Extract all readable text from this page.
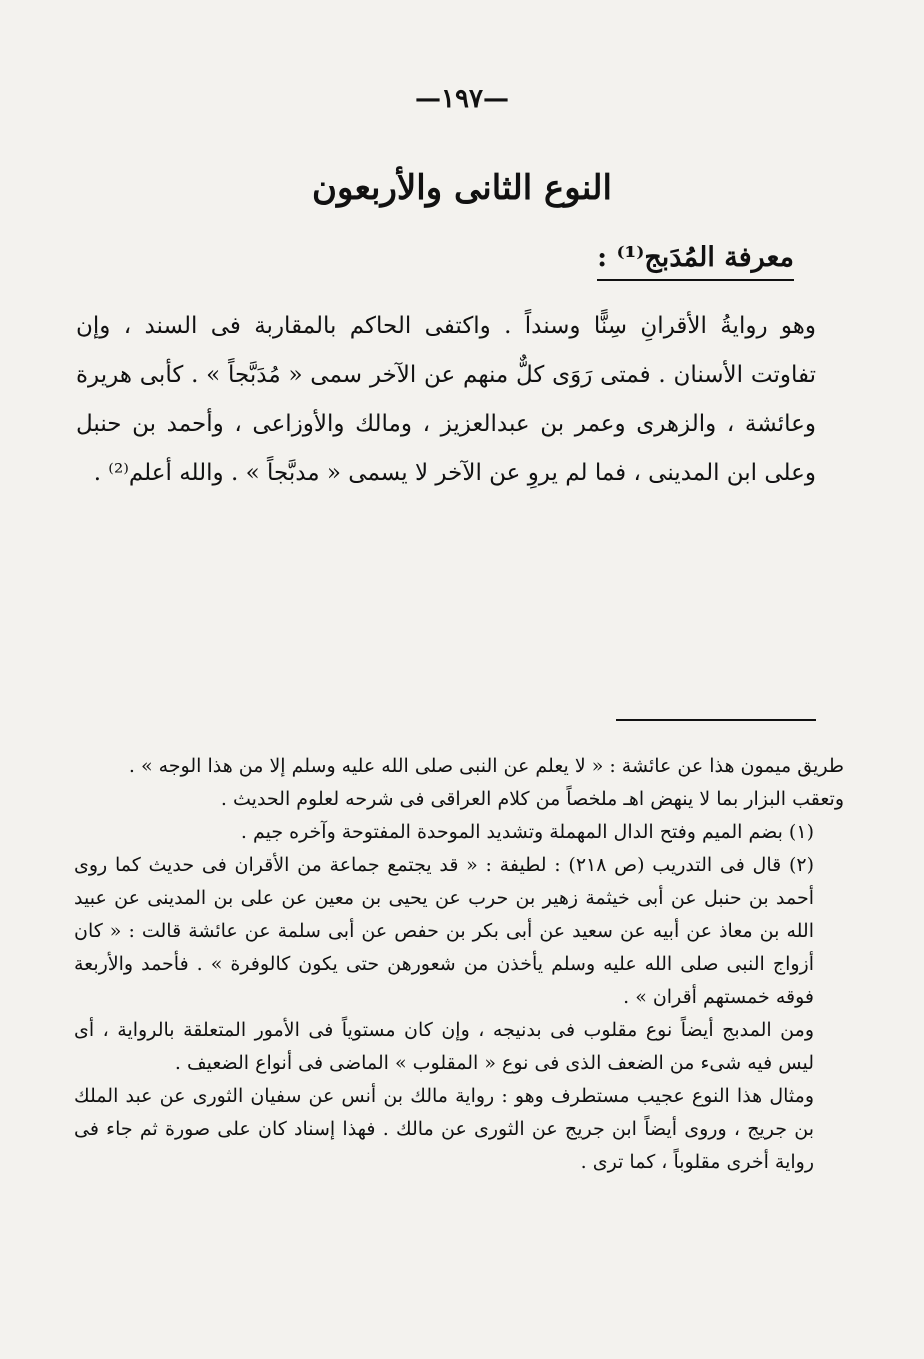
—١٩٧—
النوع الثانى والأربعون
معرفة المُدَبج⁽¹⁾ :
وهو روايةُ الأقرانِ سِنًّا وسنداً . واكتفى الحاكم بالمقاربة فى السند ، وإن تفاوتت الأسنان . فمتى رَوَى كلٌّ منهم عن الآخر سمى « مُدَبَّجاً » . كأبى هريرة وعائشة ، والزهرى وعمر بن عبدالعزيز ، ومالك والأوزاعى ، وأحمد بن حنبل وعلى ابن المدينى ، فما لم يروِ عن الآخر لا يسمى « مدبَّجاً » . والله أعلم⁽²⁾ .

طريق ميمون هذا عن عائشة : « لا يعلم عن النبى صلى الله عليه وسلم إلا من هذا الوجه » .

وتعقب البزار بما لا ينهض اهـ ملخصاً من كلام العراقى فى شرحه لعلوم الحديث .

(١) بضم الميم وفتح الدال المهملة وتشديد الموحدة المفتوحة وآخره جيم .

(٢) قال فى التدريب (ص ٢١٨) : لطيفة : « قد يجتمع جماعة من الأقران فى حديث كما روى أحمد بن حنبل عن أبى خيثمة زهير بن حرب عن يحيى بن معين عن على بن المدينى عن عبيد الله بن معاذ عن أبيه عن سعيد عن أبى بكر بن حفص عن أبى سلمة عن عائشة قالت : « كان أزواج النبى صلى الله عليه وسلم يأخذن من شعورهن حتى يكون كالوفرة » . فأحمد والأربعة فوقه خمستهم أقران » .

ومن المدبج أيضاً نوع مقلوب فى بدنيجه ، وإن كان مستوياً فى الأمور المتعلقة بالرواية ، أى ليس فيه شىء من الضعف الذى فى نوع « المقلوب » الماضى فى أنواع الضعيف .

ومثال هذا النوع عجيب مستطرف وهو : رواية مالك بن أنس عن سفيان الثورى عن عبد الملك بن جريج ، وروى أيضاً ابن جريج عن الثورى عن مالك . فهذا إسناد كان على صورة ثم جاء فى رواية أخرى مقلوباً ، كما ترى .
